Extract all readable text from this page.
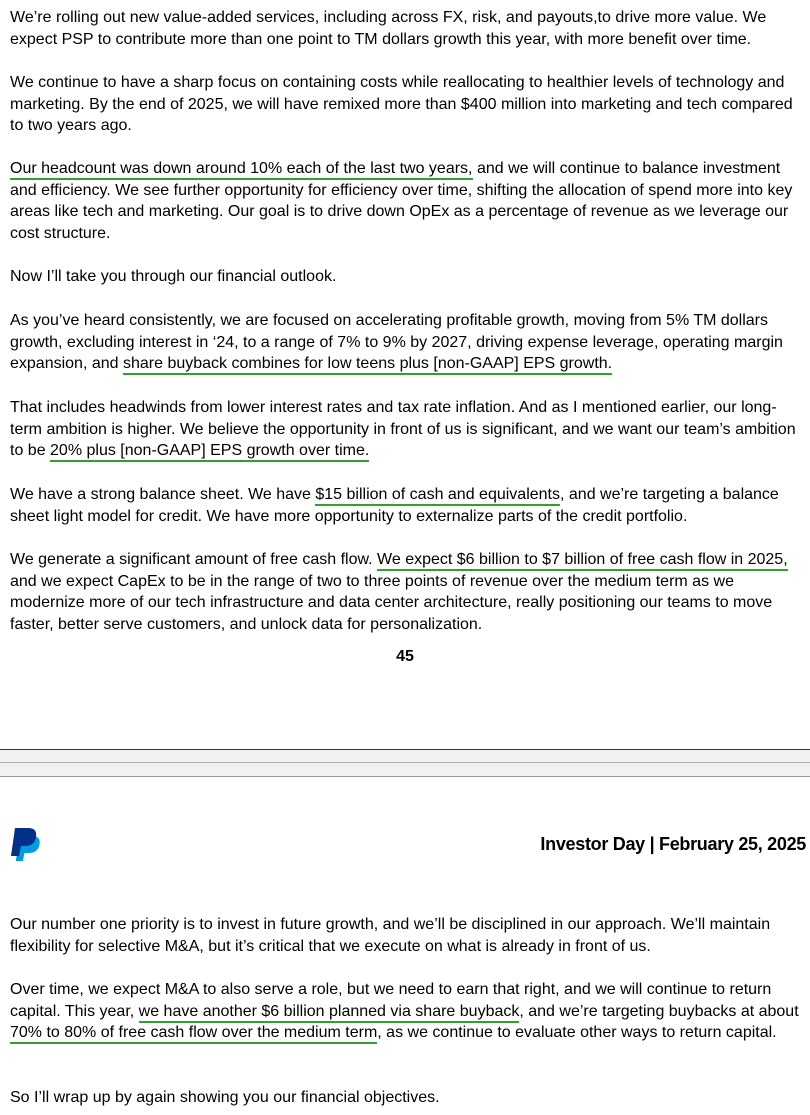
We’re rolling out new value-added services, including across FX, risk, and payouts,to drive more value. We expect PSP to contribute more than one point to TM dollars growth this year, with more benefit over time.

We continue to have a sharp focus on containing costs while reallocating to healthier levels of technology and marketing. By the end of 2025, we will have remixed more than $400 million into marketing and tech compared to two years ago.

Our headcount was down around 10% each of the last two years, and we will continue to balance investment and efficiency. We see further opportunity for efficiency over time, shifting the allocation of spend more into key areas like tech and marketing. Our goal is to drive down OpEx as a percentage of revenue as we leverage our cost structure.

Now I’ll take you through our financial outlook.

As you’ve heard consistently, we are focused on accelerating profitable growth, moving from 5% TM dollars growth, excluding interest in ‘24, to a range of 7% to 9% by 2027, driving expense leverage, operating margin expansion, and share buyback combines for low teens plus [non-GAAP] EPS growth.

That includes headwinds from lower interest rates and tax rate inflation. And as I mentioned earlier, our long-term ambition is higher. We believe the opportunity in front of us is significant, and we want our team’s ambition to be 20% plus [non-GAAP] EPS growth over time.

We have a strong balance sheet. We have $15 billion of cash and equivalents, and we’re targeting a balance sheet light model for credit. We have more opportunity to externalize parts of the credit portfolio.

We generate a significant amount of free cash flow. We expect $6 billion to $7 billion of free cash flow in 2025, and we expect CapEx to be in the range of two to three points of revenue over the medium term as we modernize more of our tech infrastructure and data center architecture, really positioning our teams to move faster, better serve customers, and unlock data for personalization.

45
Investor Day | February 25, 2025

Our number one priority is to invest in future growth, and we’ll be disciplined in our approach. We’ll maintain flexibility for selective M&A, but it’s critical that we execute on what is already in front of us.

Over time, we expect M&A to also serve a role, but we need to earn that right, and we will continue to return capital. This year, we have another $6 billion planned via share buyback, and we’re targeting buybacks at about 70% to 80% of free cash flow over the medium term, as we continue to evaluate other ways to return capital.

So I’ll wrap up by again showing you our financial objectives.
